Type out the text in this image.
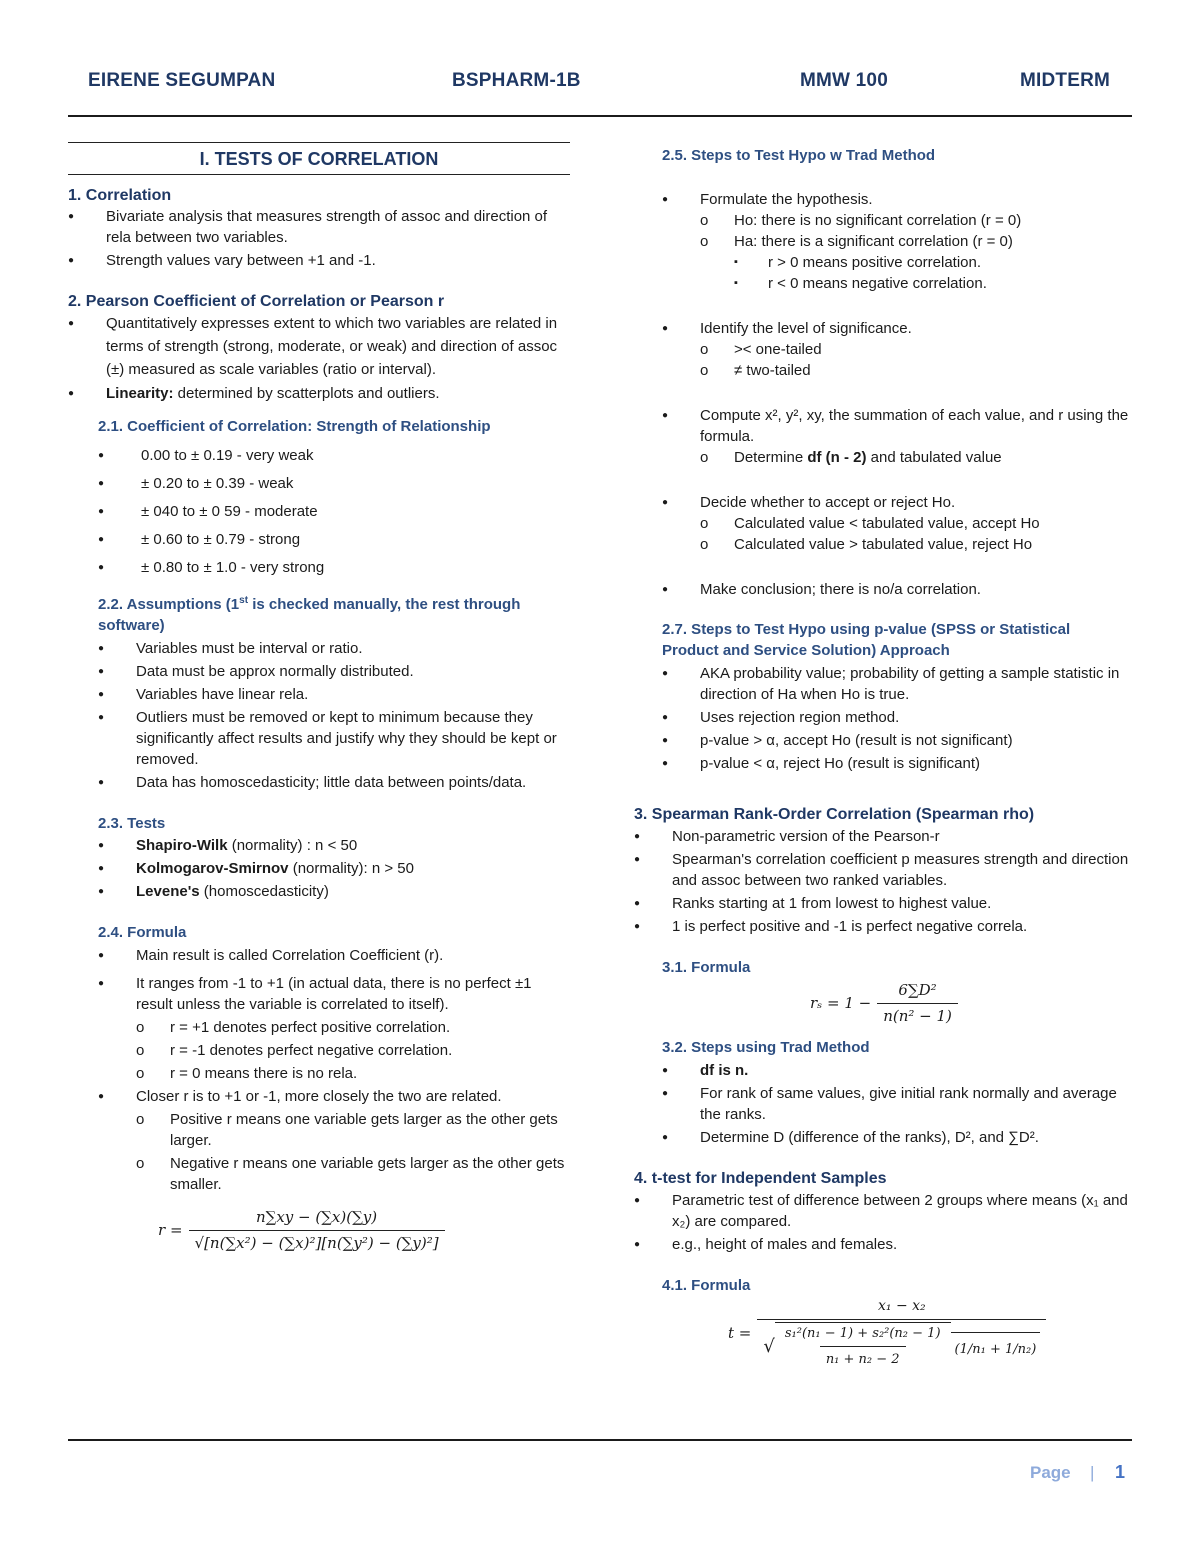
EIRENE SEGUMPAN	BSPHARM-1B	MMW 100	MIDTERM
I. TESTS OF CORRELATION
1. Correlation
● Bivariate analysis that measures strength of assoc and direction of rela between two variables.
● Strength values vary between +1 and -1.
2. Pearson Coefficient of Correlation or Pearson r
● Quantitatively expresses extent to which two variables are related in terms of strength (strong, moderate, or weak) and direction of assoc (±) measured as scale variables (ratio or interval).
● Linearity: determined by scatterplots and outliers.
2.1. Coefficient of Correlation: Strength of Relationship
● 0.00 to ± 0.19 - very weak
● ± 0.20 to ± 0.39 - weak
● ± 040 to ± 0 59 - moderate
● ± 0.60 to ± 0.79 - strong
● ± 0.80 to ± 1.0 - very strong
2.2. Assumptions (1st is checked manually, the rest through software)
● Variables must be interval or ratio.
● Data must be approx normally distributed.
● Variables have linear rela.
● Outliers must be removed or kept to minimum because they significantly affect results and justify why they should be kept or removed.
● Data has homoscedasticity; little data between points/data.
2.3. Tests
● Shapiro-Wilk (normality) : n < 50
● Kolmogarov-Smirnov (normality): n > 50
● Levene's (homoscedasticity)
2.4. Formula
● Main result is called Correlation Coefficient (r).
● It ranges from -1 to +1 (in actual data, there is no perfect ±1 result unless the variable is correlated to itself).
o r = +1 denotes perfect positive correlation.
o r = -1 denotes perfect negative correlation.
o r = 0 means there is no rela.
● Closer r is to +1 or -1, more closely the two are related.
o Positive r means one variable gets larger as the other gets larger.
o Negative r means one variable gets larger as the other gets smaller.
$r = \frac{n\sum xy - (\sum x)(\sum y)}{\text{√[n(∑x²) − (∑x)²][n(∑y²) − (∑y)²]}}$
2.5. Steps to Test Hypo w Trad Method
● Formulate the hypothesis.
o Ho: there is no significant correlation (r = 0)
o Ha: there is a significant correlation (r = 0)
▪ r > 0 means positive correlation.
▪ r < 0 means negative correlation.
● Identify the level of significance.
o >< one-tailed
o ≠ two-tailed
● Compute x², y², xy, the summation of each value, and r using the formula.
o Determine df (n - 2) and tabulated value
● Decide whether to accept or reject Ho.
o Calculated value < tabulated value, accept Ho
o Calculated value > tabulated value, reject Ho
● Make conclusion; there is no/a correlation.
2.7. Steps to Test Hypo using p-value (SPSS or Statistical Product and Service Solution) Approach
● AKA probability value; probability of getting a sample statistic in direction of Ha when Ho is true.
● Uses rejection region method.
● p-value > α, accept Ho (result is not significant)
● p-value < α, reject Ho (result is significant)
3. Spearman Rank-Order Correlation (Spearman rho)
● Non-parametric version of the Pearson-r
● Spearman's correlation coefficient p measures strength and direction and assoc between two ranked variables.
● Ranks starting at 1 from lowest to highest value.
● 1 is perfect positive and -1 is perfect negative correla.
3.1. Formula
$r_s = 1 - \frac{\text{6∑D²}}{\text{n(n² − 1)}}$
3.2. Steps using Trad Method
● df is n.
● For rank of same values, give initial rank normally and average the ranks.
● Determine D (difference of the ranks), D², and ∑D².
4. t-test for Independent Samples
● Parametric test of difference between 2 groups where means (x₁ and x₂) are compared.
● e.g., height of males and females.
4.1. Formula
t =
x₁ − x₂
√ $\frac{\text{s₁²(n₁ − 1) + s₂²(n₂ − 1)}}{\text{n₁ + n₂ − 2}} (1/n_1 + 1/n_2)$
Page | 1
